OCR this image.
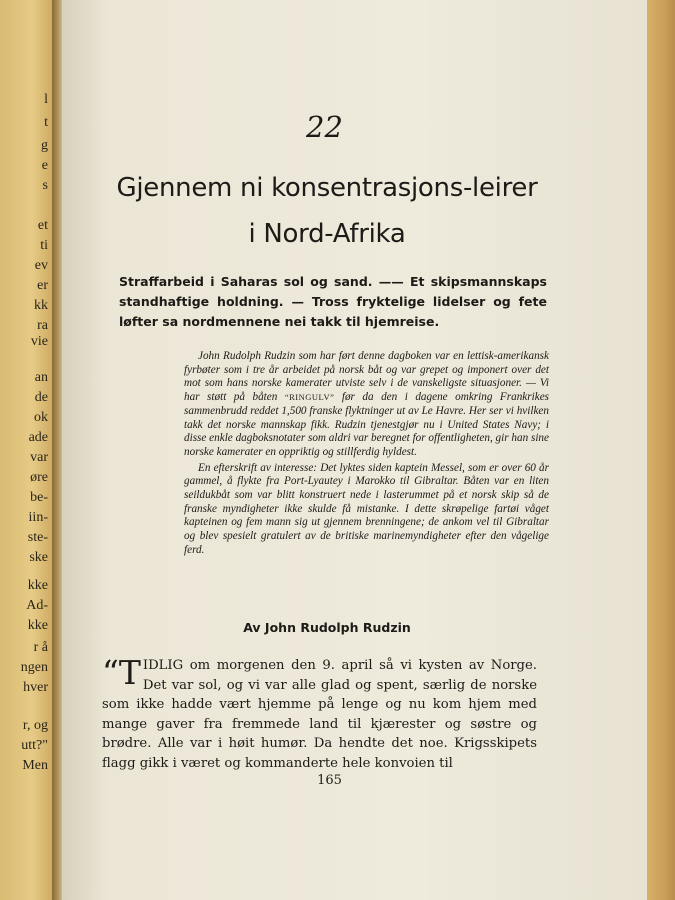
l
t
g
e
s
et
ti
ev
er
kk
ra
vie
an
de
ok
ade
var
øre
be-
iin-
ste-
ske
kke
Ad-
kke
r å
ngen
hver
r, og
utt?"
Men
22
Gjennem ni konsentrasjons-leirer
i Nord-Afrika
Straffarbeid i Saharas sol og sand. —— Et skipsmannskaps standhaftige holdning. — Tross fryktelige lidelser og fete løfter sa nordmennene nei takk til hjemreise.

John Rudolph Rudzin som har ført denne dagboken var en lettisk-amerikansk fyrbøter som i tre år arbeidet på norsk båt og var grepet og imponert over det mot som hans norske kamerater utviste selv i de vanskeligste situasjoner. — Vi har støtt på båten “RINGULV” før da den i dagene omkring Frankrikes sammenbrudd reddet 1,500 franske flyktninger ut av Le Havre. Her ser vi hvilken takk det norske mannskap fikk. Rudzin tjenestgjør nu i United States Navy; i disse enkle dagboksnotater som aldri var beregnet for offentligheten, gir han sine norske kamerater en oppriktig og stillferdig hyldest.

En efterskrift av interesse: Det lyktes siden kaptein Messel, som er over 60 år gammel, å flykte fra Port-Lyautey i Marokko til Gibraltar. Båten var en liten seildukbåt som var blitt konstruert nede i lasterummet på et norsk skip så de franske myndigheter ikke skulde få mistanke. I dette skrøpelige fartøi våget kapteinen og fem mann sig ut gjennem brenningene; de ankom vel til Gibraltar og blev spesielt gratulert av de britiske marinemyndigheter efter den vågelige ferd.

Av John Rudolph Rudzin
“T IDLIG om morgenen den 9. april så vi kysten av Norge. Det var sol, og vi var alle glad og spent, særlig de norske som ikke hadde vært hjemme på lenge og nu kom hjem med mange gaver fra fremmede land til kjærester og søstre og brødre. Alle var i høit humør. Da hendte det noe. Krigsskipets flagg gikk i været og kommanderte hele konvoien til
165
